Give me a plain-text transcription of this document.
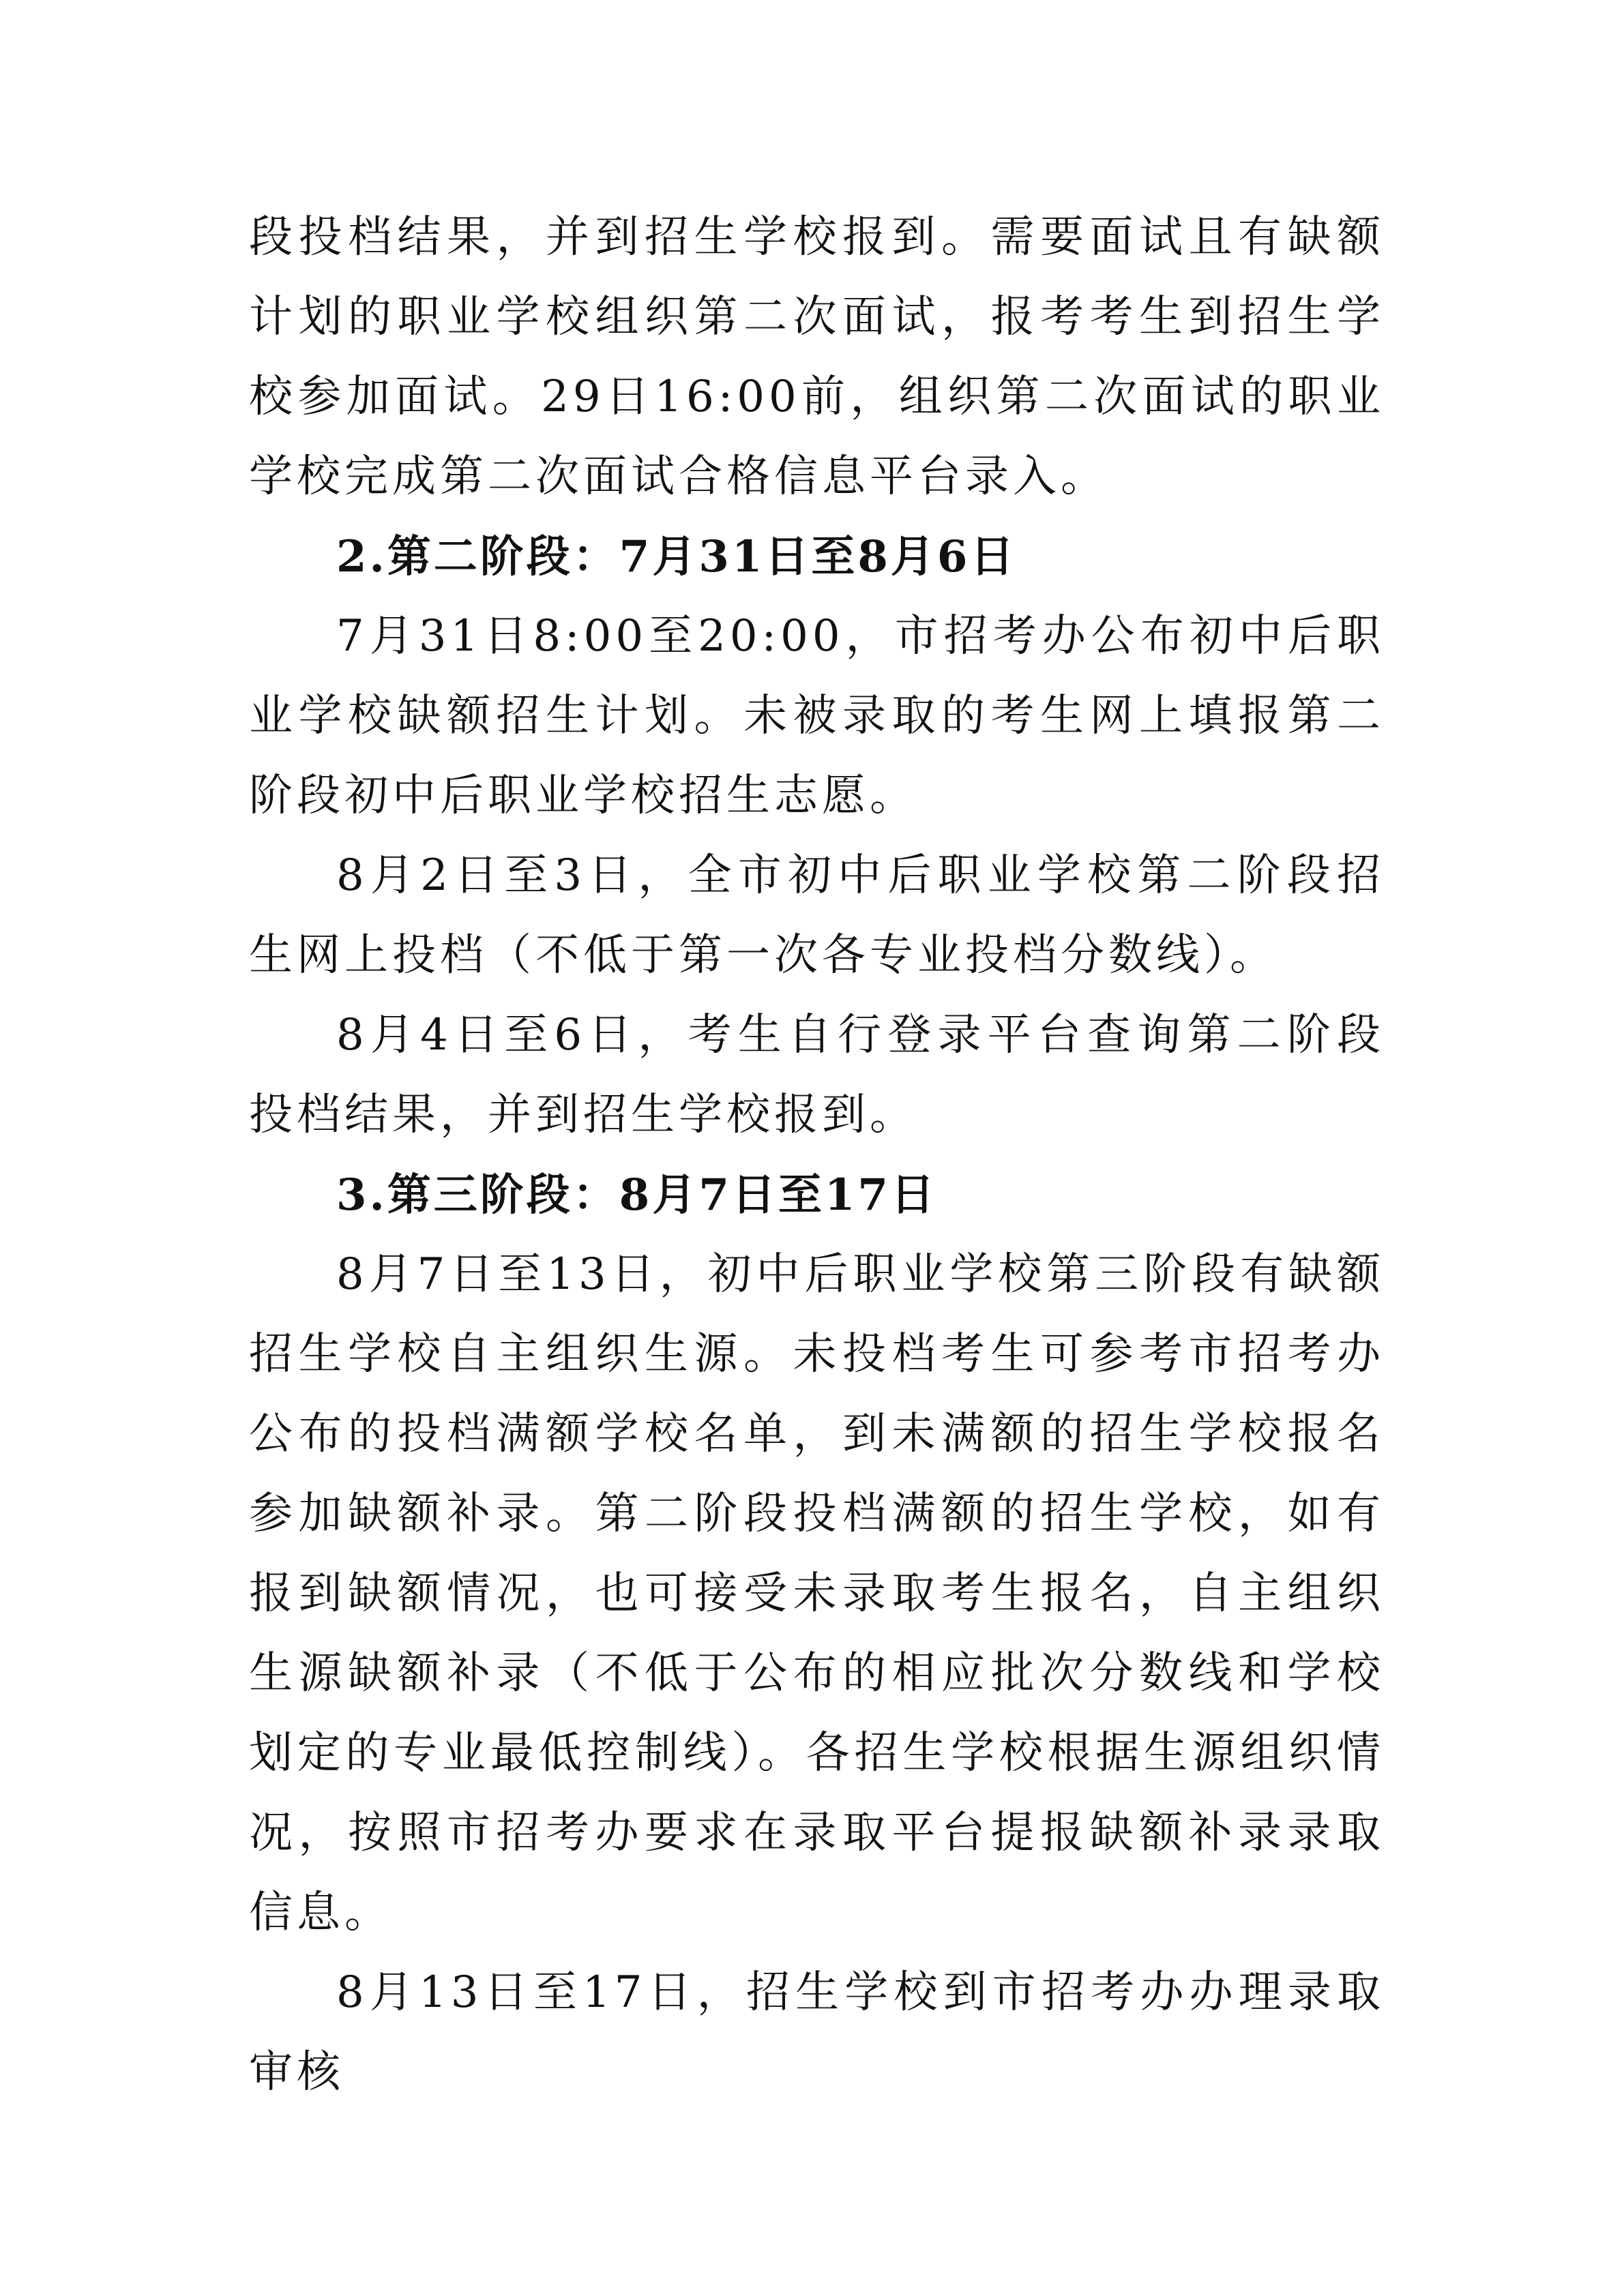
段投档结果，并到招生学校报到。需要面试且有缺额计划的职业学校组织第二次面试，报考考生到招生学校参加面试。29日16:00前，组织第二次面试的职业学校完成第二次面试合格信息平台录入。

2.第二阶段：7月31日至8月6日

7月31日8:00至20:00，市招考办公布初中后职业学校缺额招生计划。未被录取的考生网上填报第二阶段初中后职业学校招生志愿。

8月2日至3日，全市初中后职业学校第二阶段招生网上投档（不低于第一次各专业投档分数线）。

8月4日至6日，考生自行登录平台查询第二阶段投档结果，并到招生学校报到。

3.第三阶段：8月7日至17日

8月7日至13日，初中后职业学校第三阶段有缺额招生学校自主组织生源。未投档考生可参考市招考办公布的投档满额学校名单，到未满额的招生学校报名参加缺额补录。第二阶段投档满额的招生学校，如有报到缺额情况，也可接受未录取考生报名，自主组织生源缺额补录（不低于公布的相应批次分数线和学校划定的专业最低控制线）。各招生学校根据生源组织情况，按照市招考办要求在录取平台提报缺额补录录取信息。

8月13日至17日，招生学校到市招考办办理录取审核
